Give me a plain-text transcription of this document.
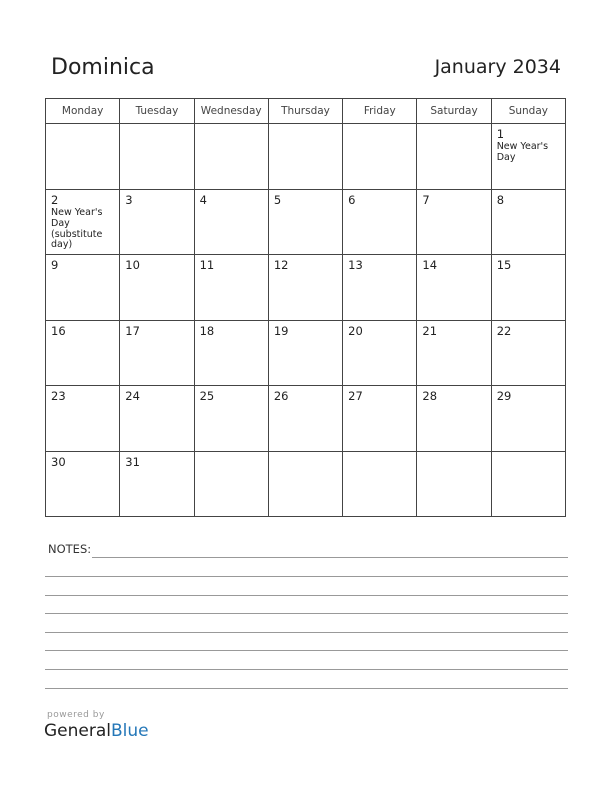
Dominica	January 2034
Monday	Tuesday	Wednesday	Thursday	Friday	Saturday	Sunday

						1
New Year's
Day

2
New Year's
Day
(substitute
day)	3	4	5	6	7	8

9	10	11	12	13	14	15

16	17	18	19	20	21	22

23	24	25	26	27	28	29

30	31					

NOTES:
powered by
GeneralBlue
